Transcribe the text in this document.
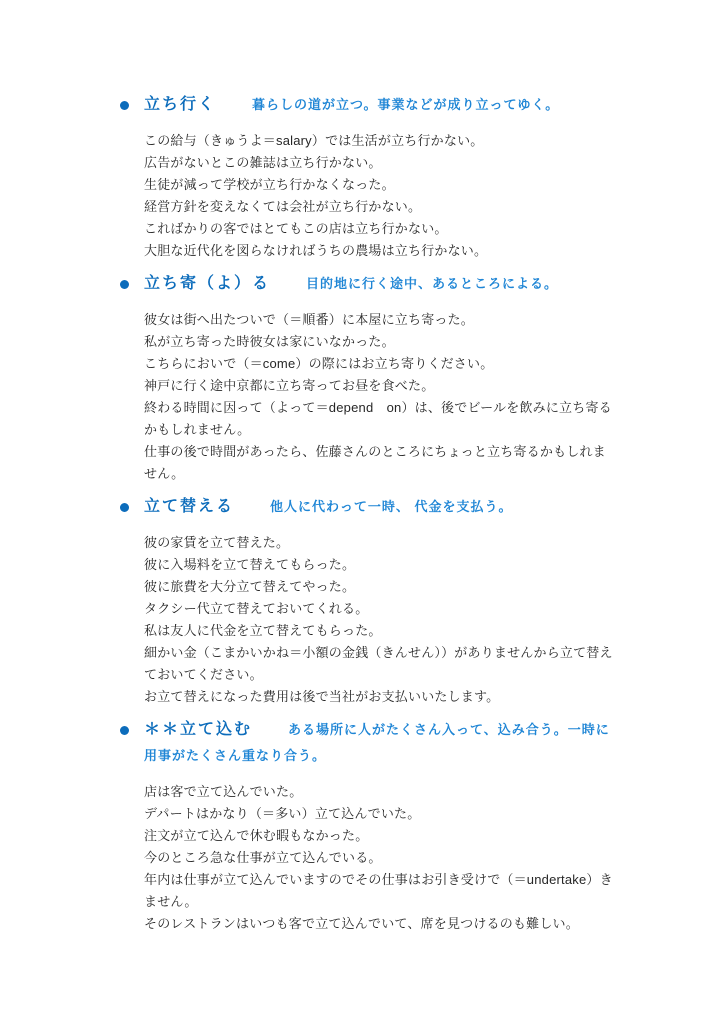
立ち行く	暮らしの道が立つ。事業などが成り立ってゆく。

この給与（きゅうよ＝salary）では生活が立ち行かない。

広告がないとこの雑誌は立ち行かない。

生徒が減って学校が立ち行かなくなった。

経営方針を変えなくては会社が立ち行かない。

こればかりの客ではとてもこの店は立ち行かない。

大胆な近代化を図らなければうちの農場は立ち行かない。

立ち寄（よ）る	目的地に行く途中、あるところによる。

彼女は街へ出たついで（＝順番）に本屋に立ち寄った。

私が立ち寄った時彼女は家にいなかった。

こちらにおいで（＝come）の際にはお立ち寄りください。

神戸に行く途中京都に立ち寄ってお昼を食べた。

終わる時間に因って（よって＝depend　on）は、後でビールを飲みに立ち寄るかもしれません。

仕事の後で時間があったら、佐藤さんのところにちょっと立ち寄るかもしれません。

立て替える	他人に代わって一時、 代金を支払う。

彼の家賃を立て替えた。

彼に入場料を立て替えてもらった。

彼に旅費を大分立て替えてやった。

タクシー代立て替えておいてくれる。

私は友人に代金を立て替えてもらった。

細かい金（こまかいかね＝小額の金銭（きんせん））がありませんから立て替えておいてください。

お立て替えになった費用は後で当社がお支払いいたします。

＊＊立て込む	ある場所に人がたくさん入って、込み合う。一時に用事がたくさん重なり合う。

店は客で立て込んでいた。

デパートはかなり（＝多い）立て込んでいた。

注文が立て込んで休む暇もなかった。

今のところ急な仕事が立て込んでいる。

年内は仕事が立て込んでいますのでその仕事はお引き受けで（＝undertake）きません。

そのレストランはいつも客で立て込んでいて、席を見つけるのも難しい。
